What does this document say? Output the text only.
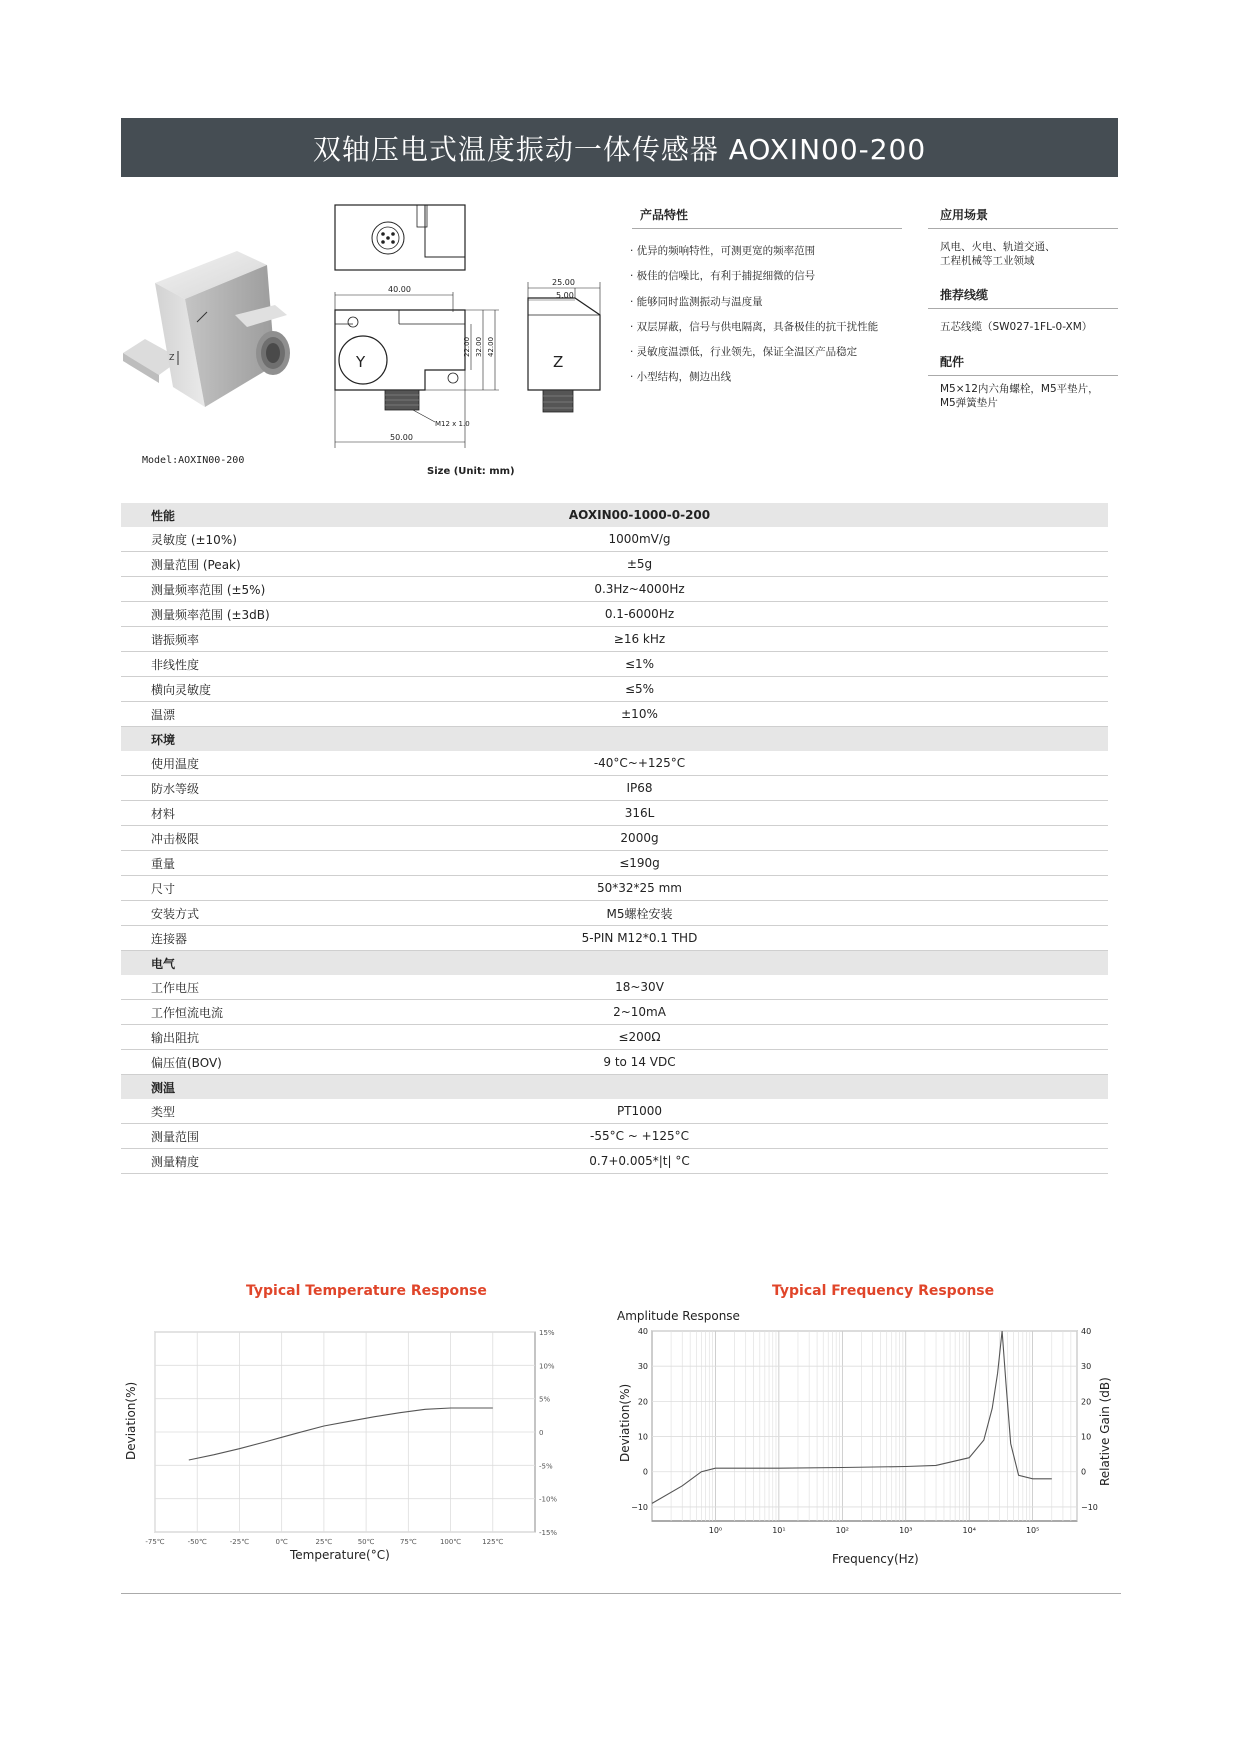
双轴压电式温度振动一体传感器 AOXIN00-200
Z
Model:AOXIN00-200
Y	Z
40.00
50.00
22.00 32.00 42.00
25.00
5.00
M12 x 1.0
Size (Unit: mm)
产品特性
· 优异的频响特性，可测更宽的频率范围
· 极佳的信噪比，有利于捕捉细微的信号
· 能够同时监测振动与温度量
· 双层屏蔽，信号与供电隔离，具备极佳的抗干扰性能
· 灵敏度温漂低，行业领先，保证全温区产品稳定
· 小型结构，侧边出线
应用场景
风电、火电、轨道交通、
工程机械等工业领域
推荐线缆
五芯线缆（SW027-1FL-0-XM）
配件
M5×12内六角螺栓，M5平垫片，
M5弹簧垫片
性能	AOXIN00-1000-0-200
灵敏度 (±10%)	1000mV/g
测量范围 (Peak)	±5g
测量频率范围 (±5%)	0.3Hz~4000Hz
测量频率范围 (±3dB)	0.1-6000Hz
谐振频率	≥16 kHz
非线性度	≤1%
横向灵敏度	≤5%
温漂	±10%
环境	
使用温度	-40°C~+125°C
防水等级	IP68
材料	316L
冲击极限	2000g
重量	≤190g
尺寸	50*32*25 mm
安装方式	M5螺栓安装
连接器	5-PIN M12*0.1 THD
电气	
工作电压	18~30V
工作恒流电流	2~10mA
输出阻抗	≤200Ω
偏压值(BOV)	9 to 14 VDC
测温	
类型	PT1000
测量范围	-55°C ~ +125°C
测量精度	0.7+0.005*|t| °C
Typical Temperature Response
Deviation(%)
Temperature(°C)
-75℃	-50℃	-25℃	0℃	25℃	50℃	75℃	100℃	125℃
15%
10%
5%
0
-5%
-10%
-15%
Typical Frequency Response
Amplitude Response
Deviation(%)	Relative Gain (dB)
Frequency(Hz)
10⁰	10¹	10²	10³	10⁴	10⁵
40	40
30	30
20	20
10	10
0	0
−10	−10
